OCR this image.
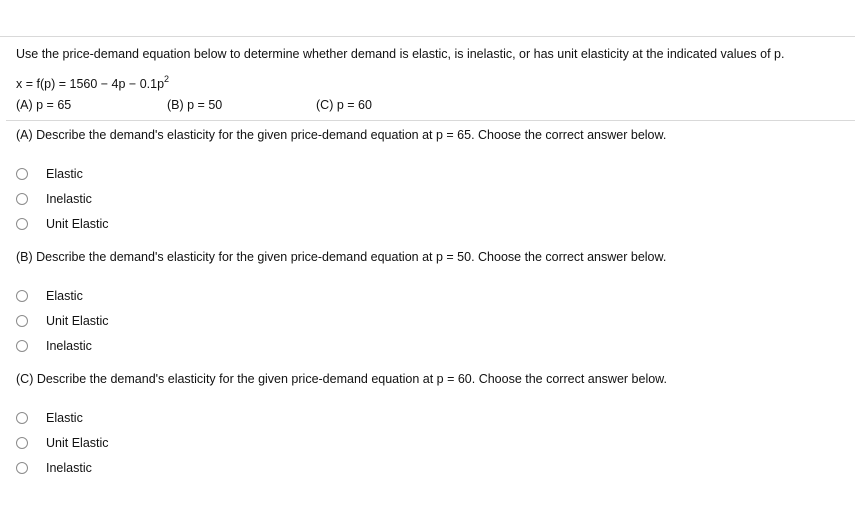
Use the price-demand equation below to determine whether demand is elastic, is inelastic, or has unit elasticity at the indicated values of p.
$x = f(p) = 1560 - 4p - 0.1p^2$
(A) p = 65	(B) p = 50	(C) p = 60
(A) Describe the demand's elasticity for the given price-demand equation at p = 65. Choose the correct answer below.
Elastic
Inelastic
Unit Elastic
(B) Describe the demand's elasticity for the given price-demand equation at p = 50. Choose the correct answer below.
Elastic
Unit Elastic
Inelastic
(C) Describe the demand's elasticity for the given price-demand equation at p = 60. Choose the correct answer below.
Elastic
Unit Elastic
Inelastic
